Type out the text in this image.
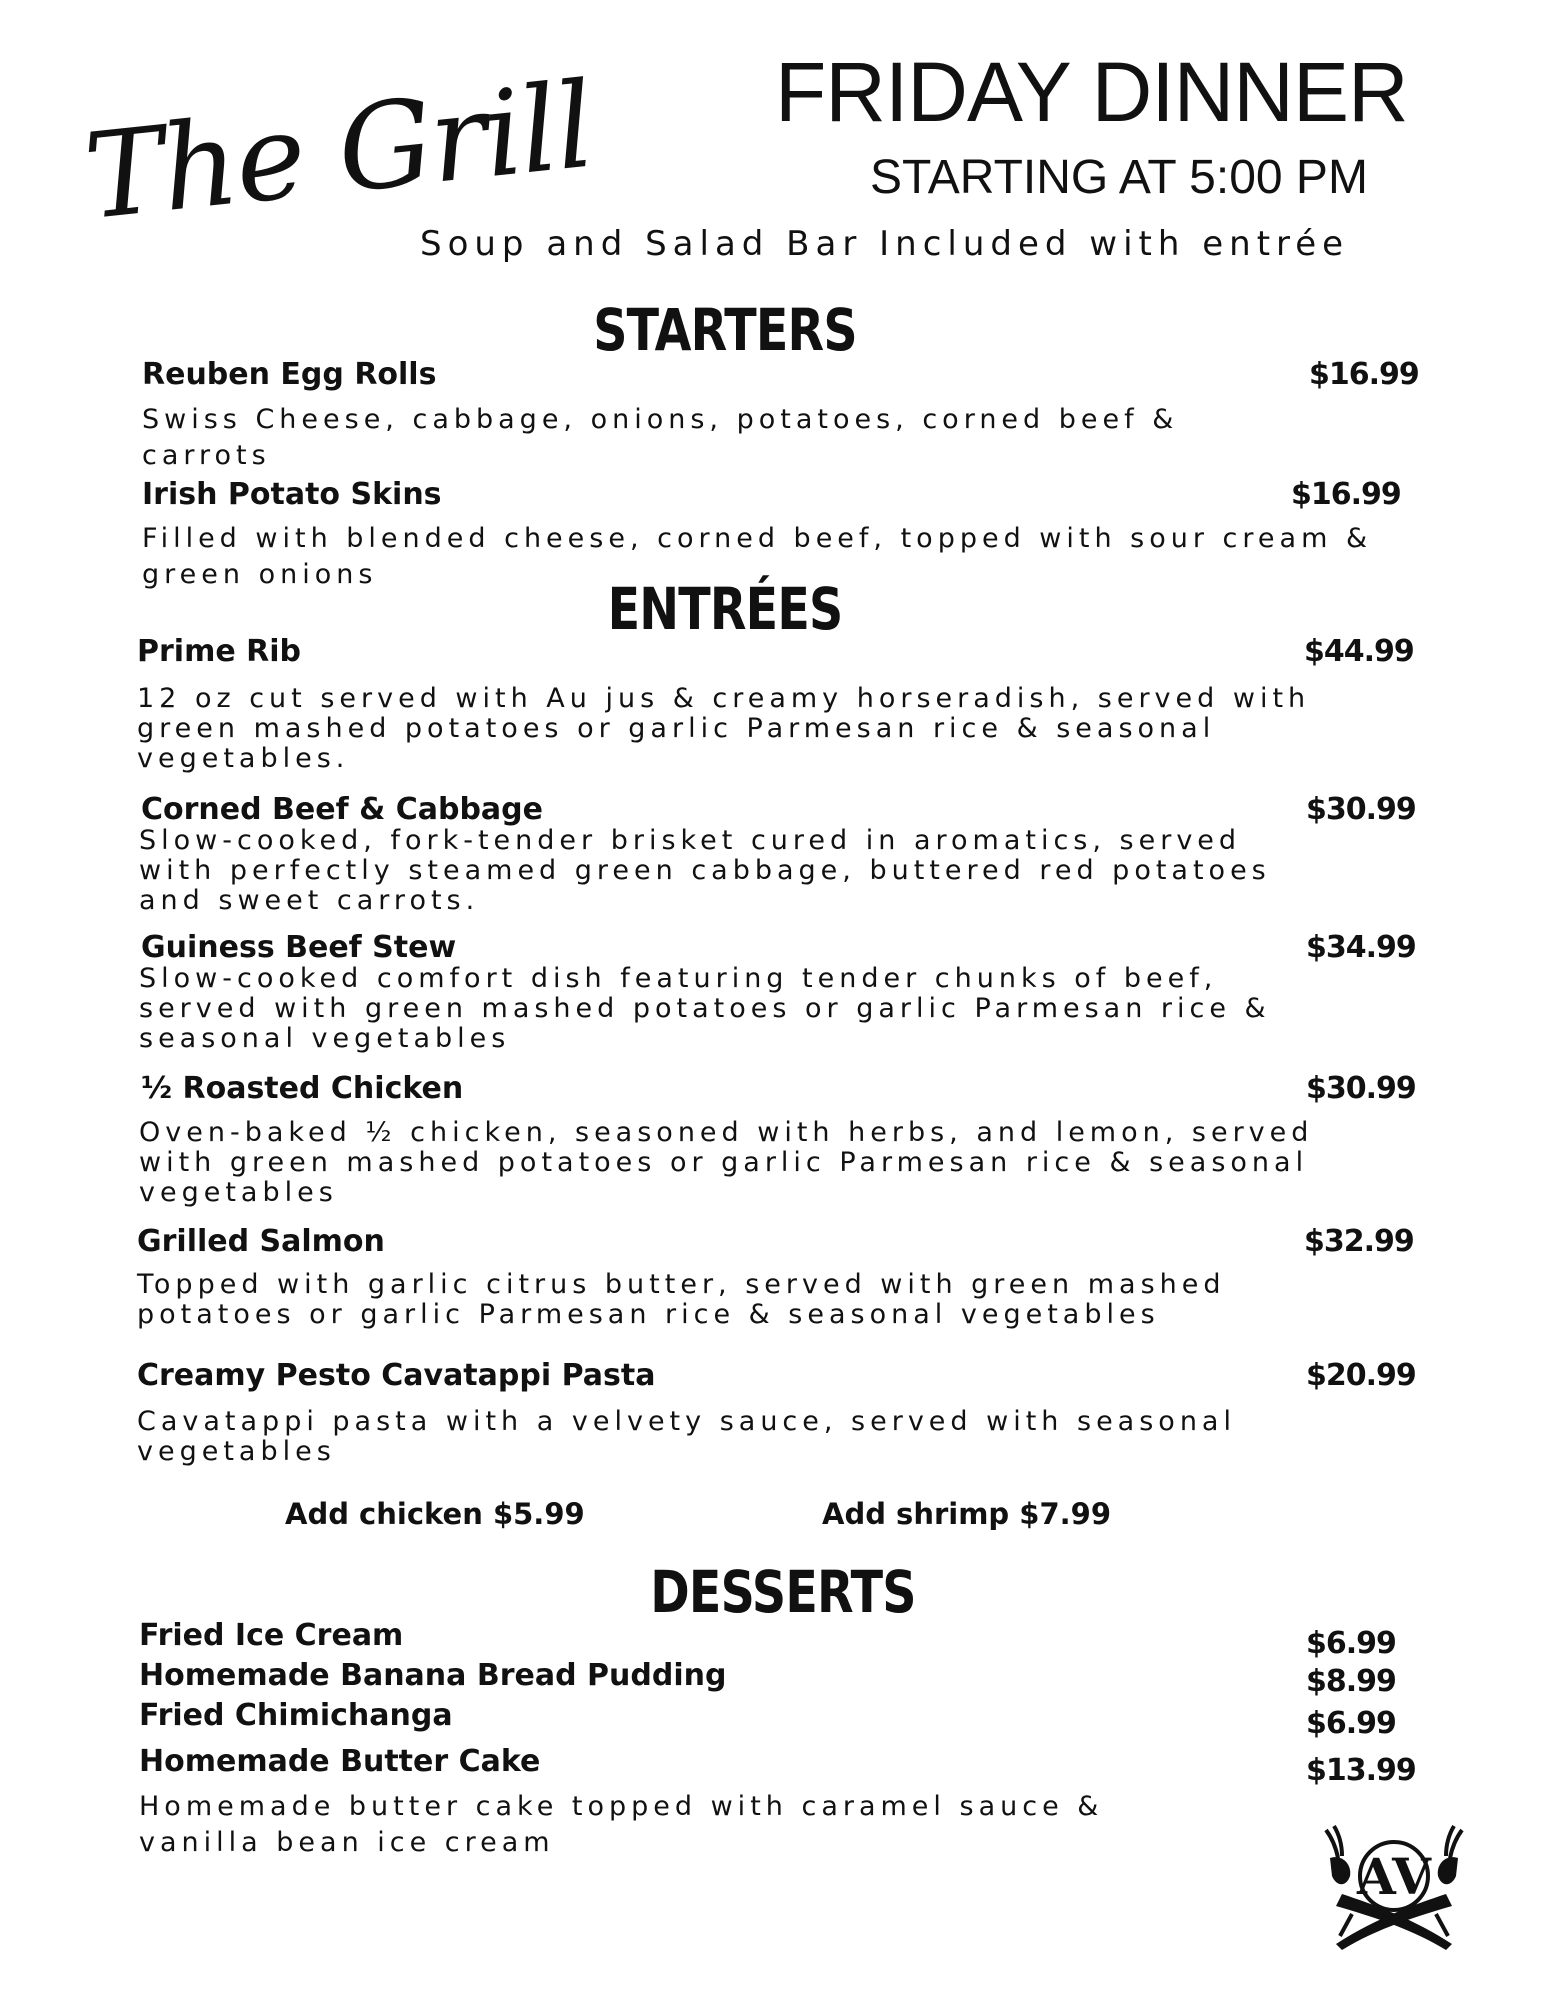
The Grill FRIDAY DINNER
STARTING AT 5:00 PM
Soup and Salad Bar Included with entrée
STARTERS
Reuben Egg Rolls	$16.99
Swiss Cheese, cabbage, onions, potatoes, corned beef &
carrots
Irish Potato Skins	$16.99
Filled with blended cheese, corned beef, topped with sour cream &
green onions
ENTRÉES
Prime Rib	$44.99
12 oz cut served with Au jus & creamy horseradish, served with
green mashed potatoes or garlic Parmesan rice & seasonal
vegetables.
Corned Beef & Cabbage	$30.99
Slow-cooked, fork-tender brisket cured in aromatics, served
with perfectly steamed green cabbage, buttered red potatoes
and sweet carrots.
Guiness Beef Stew	$34.99
Slow-cooked comfort dish featuring tender chunks of beef,
served with green mashed potatoes or garlic Parmesan rice &
seasonal vegetables
½ Roasted Chicken	$30.99
Oven-baked ½ chicken, seasoned with herbs, and lemon, served
with green mashed potatoes or garlic Parmesan rice & seasonal
vegetables
Grilled Salmon	$32.99
Topped with garlic citrus butter, served with green mashed
potatoes or garlic Parmesan rice & seasonal vegetables
Creamy Pesto Cavatappi Pasta	$20.99
Cavatappi pasta with a velvety sauce, served with seasonal
vegetables
Add chicken $5.99	Add shrimp $7.99
DESSERTS
Fried Ice Cream	$6.99
Homemade Banana Bread Pudding	$8.99
Fried Chimichanga	$6.99
Homemade Butter Cake	$13.99
Homemade butter cake topped with caramel sauce &
vanilla bean ice cream
AV
